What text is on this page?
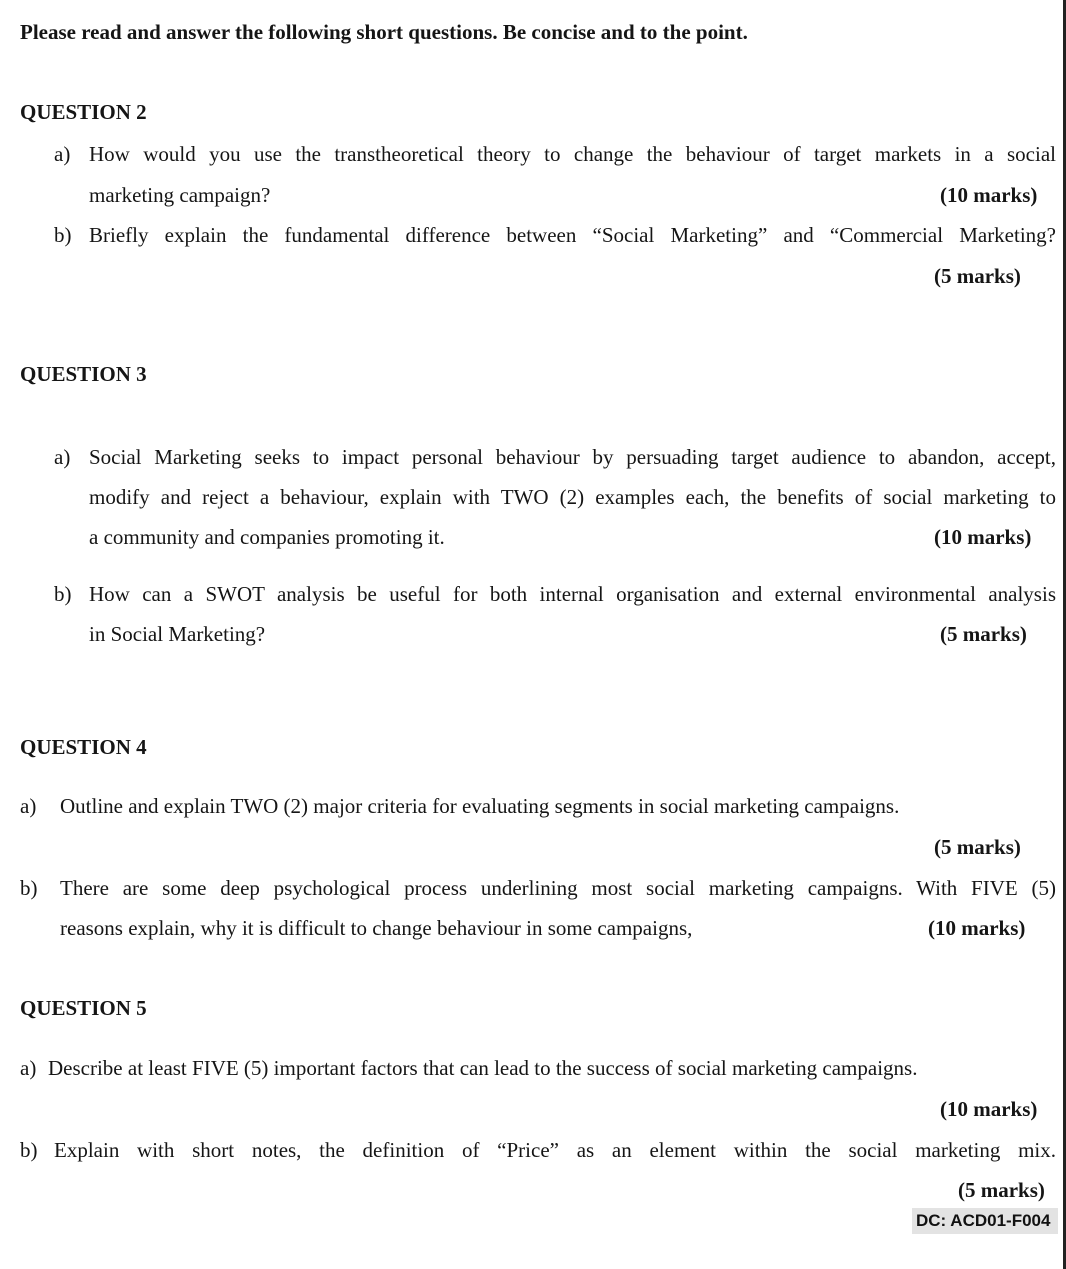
Please read and answer the following short questions. Be concise and to the point.
QUESTION 2
a) How would you use the transtheoretical theory to change the behaviour of target markets in a social
marketing campaign?	(10 marks)
b) Briefly explain the fundamental difference between “Social Marketing” and “Commercial Marketing?
(5 marks)
QUESTION 3
a) Social Marketing seeks to impact personal behaviour by persuading target audience to abandon, accept,
modify and reject a behaviour, explain with TWO (2) examples each, the benefits of social marketing to
a community and companies promoting it.	(10 marks)
b) How can a SWOT analysis be useful for both internal organisation and external environmental analysis
in Social Marketing?	(5 marks)
QUESTION 4
a) Outline and explain TWO (2) major criteria for evaluating segments in social marketing campaigns.
(5 marks)
b) There are some deep psychological process underlining most social marketing campaigns. With FIVE (5)
reasons explain, why it is difficult to change behaviour in some campaigns,	(10 marks)
QUESTION 5
a) Describe at least FIVE (5) important factors that can lead to the success of social marketing campaigns.
(10 marks)
b) Explain with short notes, the definition of “Price” as an element within the social marketing mix.
(5 marks)
DC: ACD01-F004
